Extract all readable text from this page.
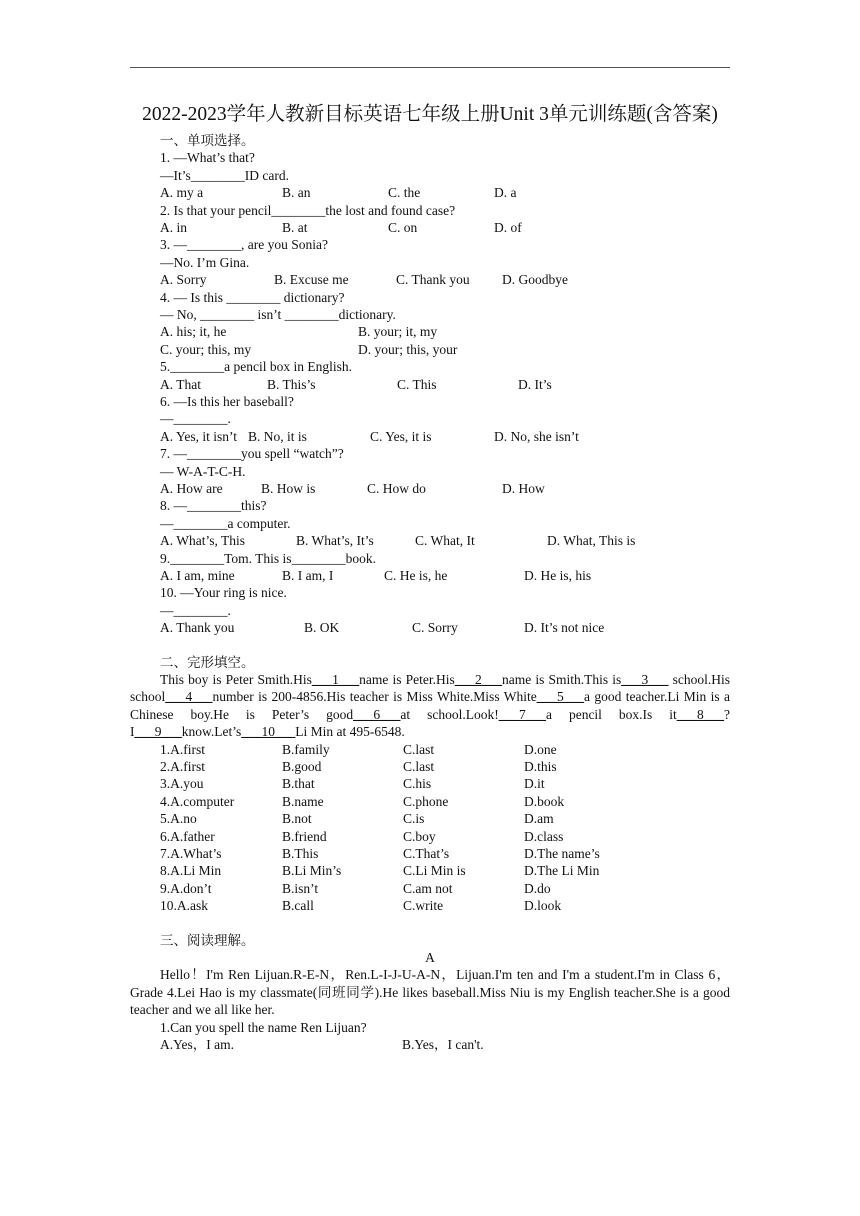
2022-2023学年人教新目标英语七年级上册Unit 3单元训练题(含答案)
一、单项选择。
1. —What’s that?
—It’s________ID card.
A. my a	B. an	C. the	D. a
2. Is that your pencil________the lost and found case?
A. in	B. at	C. on	D. of
3. —________, are you Sonia?
—No. I’m Gina.
A. Sorry	B. Excuse me	C. Thank you D. Goodbye
4. — Is this ________ dictionary?
— No, ________ isn’t ________dictionary.
A. his; it, he	B. your; it, my
C. your; this, my	D. your; this, your
5.________a pencil box in English.
A. That	B. This’s	C. This	D. It’s
6. —Is this her baseball?
—________.
A. Yes, it isn’t B. No, it is	C. Yes, it is	D. No, she isn’t
7. —________you spell “watch”?
— W-A-T-C-H.
A. How are	B. How is	C. How do	D. How
8. —________this?
—________a computer.
A. What’s, This	B. What’s, It’s	C. What, It	D. What, This is
9.________Tom. This is________book.
A. I am, mine	B. I am, I	C. He is, he	D. He is, his
10. —Your ring is nice.
—________.
A. Thank you	B. OK	C. Sorry	D. It’s not nice
二、完形填空。

This boy is Peter Smith.His___1___name is Peter.His___2___name is Smith.This is___3___ school.His school___4___number is 200-4856.His teacher is Miss White.Miss White___5___a good teacher.Li Min is a Chinese boy.He is Peter’s good___6___at school.Look!___7___a pencil box.Is it___8___?I___9___know.Let’s___10___Li Min at 495-6548.

1.A.first	B.family	C.last	D.one
2.A.first	B.good	C.last	D.this
3.A.you	B.that	C.his	D.it
4.A.computer	B.name	C.phone	D.book
5.A.no	B.not	C.is	D.am
6.A.father	B.friend	C.boy	D.class
7.A.What’s	B.This	C.That’s	D.The name’s
8.A.Li Min	B.Li Min’s	C.Li Min is	D.The Li Min
9.A.don’t	B.isn’t	C.am not	D.do
10.A.ask	B.call	C.write	D.look
三、阅读理解。
A

Hello！I'm Ren Lijuan.R-E-N，Ren.L-I-J-U-A-N，Lijuan.I'm ten and I'm a student.I'm in Class 6，Grade 4.Lei Hao is my classmate(同班同学).He likes baseball.Miss Niu is my English teacher.She is a good teacher and we all like her.

1.Can you spell the name Ren Lijuan?
A.Yes，I am.	B.Yes，I can't.
